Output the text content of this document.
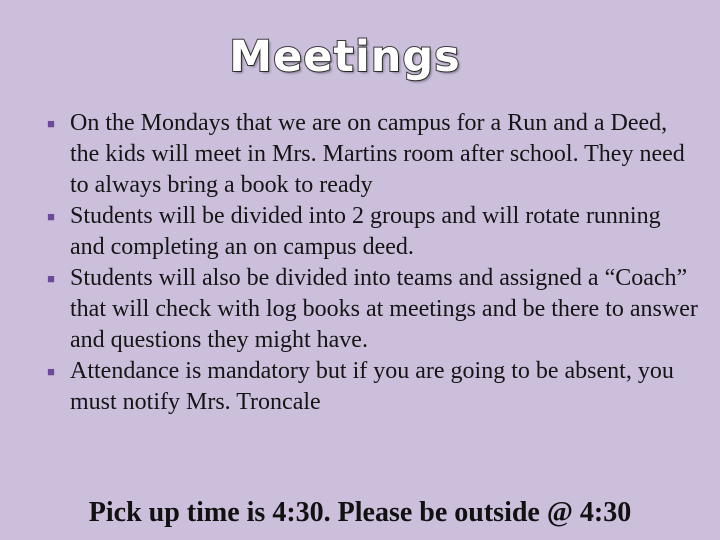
Meetings
■ On the Mondays that we are on campus for a Run and a Deed, the kids will meet in Mrs. Martins room after school. They need to always bring a book to ready
■ Students will be divided into 2 groups and will rotate running and completing an on campus deed.
■ Students will also be divided into teams and assigned a “Coach” that will check with log books at meetings and be there to answer and questions they might have.
■ Attendance is mandatory but if you are going to be absent, you must notify Mrs. Troncale
Pick up time is 4:30. Please be outside @ 4:30
